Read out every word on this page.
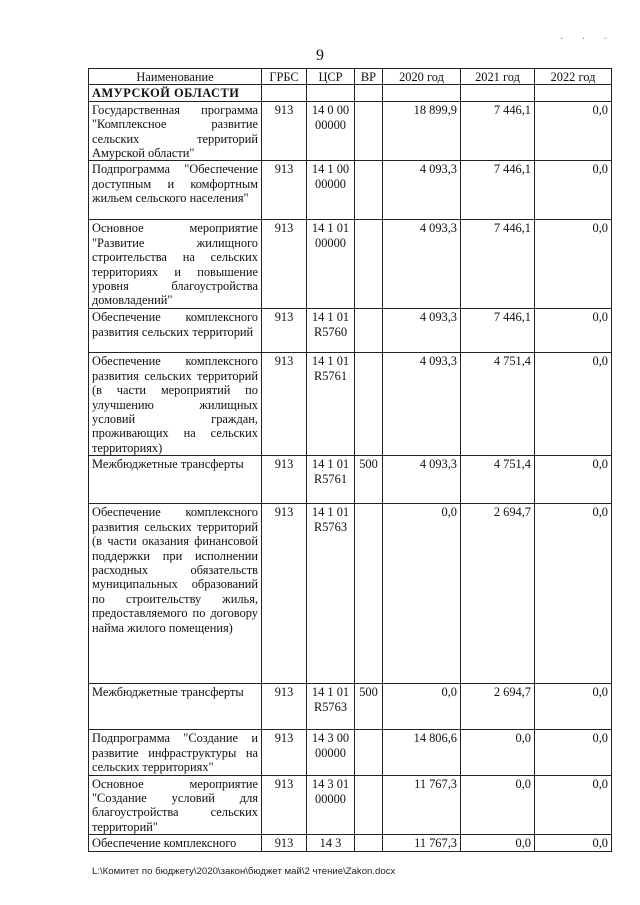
· · ·
9
Наименование	ГРБС	ЦСР	ВР	2020 год	2021 год	2022 год
АМУРСКОЙ ОБЛАСТИ						
Государственная программа "Комплексное развитие сельских территорий Амурской области"	913	14 0 00 00000		18 899,9	7 446,1	0,0
Подпрограмма "Обеспечение доступным и комфортным жильем сельского населения"	913	14 1 00 00000		4 093,3	7 446,1	0,0
Основное мероприятие "Развитие жилищного строительства на сельских территориях и повышение уровня благоустройства домовладений"	913	14 1 01 00000		4 093,3	7 446,1	0,0
Обеспечение комплексного развития сельских территорий	913	14 1 01 R5760		4 093,3	7 446,1	0,0
Обеспечение комплексного развития сельских территорий (в части мероприятий по улучшению жилищных условий граждан, проживающих на сельских территориях)	913	14 1 01 R5761		4 093,3	4 751,4	0,0
Межбюджетные трансферты	913	14 1 01 R5761	500	4 093,3	4 751,4	0,0
Обеспечение комплексного развития сельских территорий (в части оказания финансовой поддержки при исполнении расходных обязательств муниципальных образований по строительству жилья, предоставляемого по договору найма жилого помещения)	913	14 1 01 R5763		0,0	2 694,7	0,0
Межбюджетные трансферты	913	14 1 01 R5763	500	0,0	2 694,7	0,0
Подпрограмма "Создание и развитие инфраструктуры на сельских территориях"	913	14 3 00 00000		14 806,6	0,0	0,0
Основное мероприятие "Создание условий для благоустройства сельских территорий"	913	14 3 01 00000		11 767,3	0,0	0,0
Обеспечение комплексного	913	14 3		11 767,3	0,0	0,0
L:\Комитет по бюджету\2020\закон\бюджет май\2 чтение\Zakon.docx
